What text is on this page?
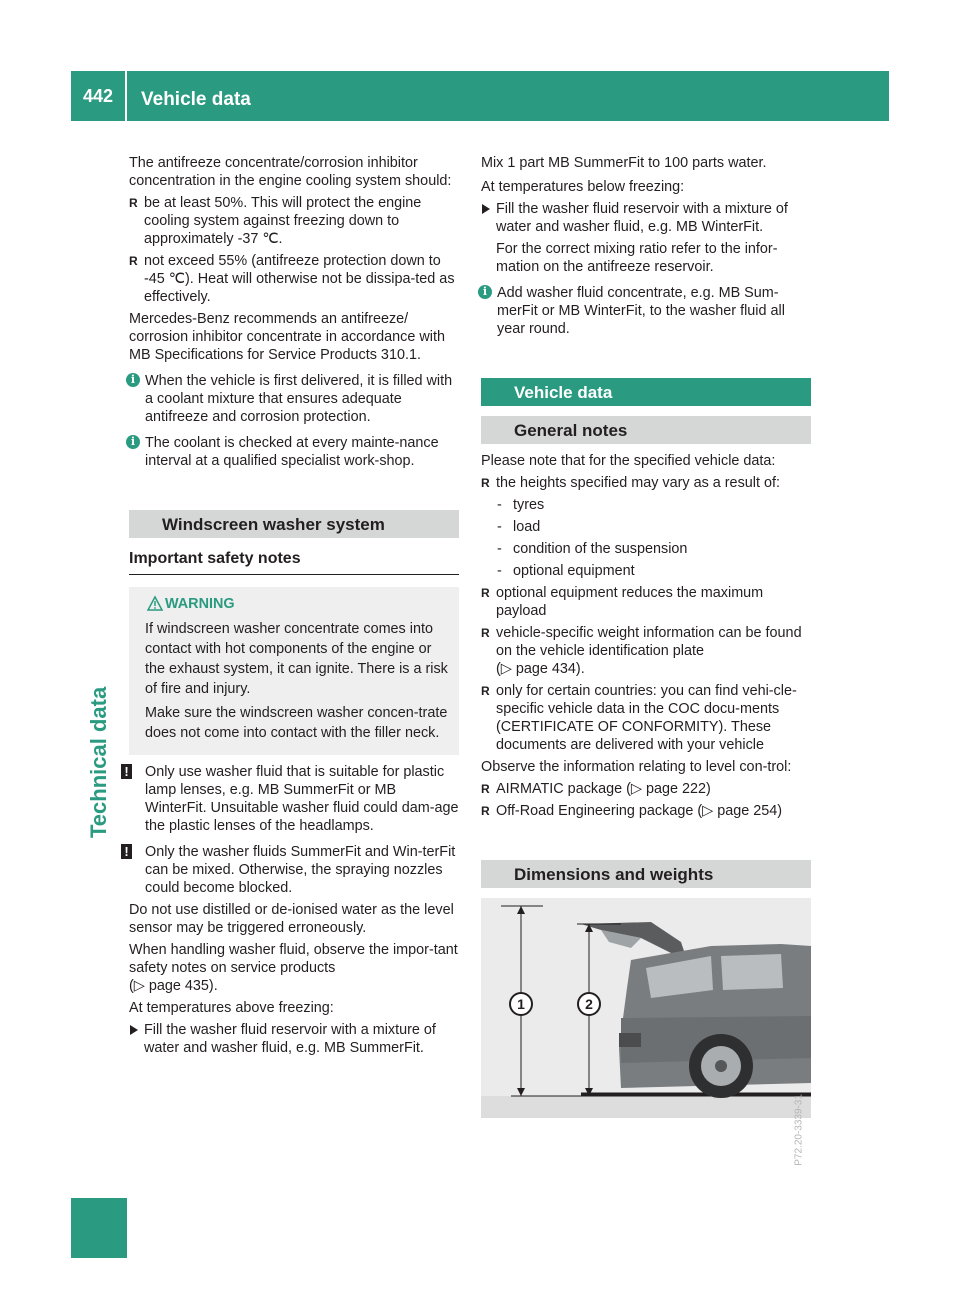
442	Vehicle data
Technical data

The antifreeze concentrate/corrosion inhibitor concentration in the engine cooling system should:

R be at least 50%. This will protect the engine cooling system against freezing down to approximately -37 ℃.
R not exceed 55% (antifreeze protection down to -45 ℃). Heat will otherwise not be dissipa-ted as effectively.

Mercedes-Benz recommends an antifreeze/ corrosion inhibitor concentrate in accordance with MB Specifications for Service Products 310.1.

i When the vehicle is first delivered, it is filled with a coolant mixture that ensures adequate antifreeze and corrosion protection.
i The coolant is checked at every mainte-nance interval at a qualified specialist work-shop.
Windscreen washer system
Important safety notes
WARNING

If windscreen washer concentrate comes into contact with hot components of the engine or the exhaust system, it can ignite. There is a risk of fire and injury.

Make sure the windscreen washer concen-trate does not come into contact with the filler neck.

! Only use washer fluid that is suitable for plastic lamp lenses, e.g. MB SummerFit or MB WinterFit. Unsuitable washer fluid could dam-age the plastic lenses of the headlamps.
! Only the washer fluids SummerFit and Win-terFit can be mixed. Otherwise, the spraying nozzles could become blocked.

Do not use distilled or de-ionised water as the level sensor may be triggered erroneously.

When handling washer fluid, observe the impor-tant safety notes on service products
(▷ page 435).

At temperatures above freezing:

Fill the washer fluid reservoir with a mixture of water and washer fluid, e.g. MB SummerFit.

Mix 1 part MB SummerFit to 100 parts water.

At temperatures below freezing:

Fill the washer fluid reservoir with a mixture of water and washer fluid, e.g. MB WinterFit.

For the correct mixing ratio refer to the infor-mation on the antifreeze reservoir.

i Add washer fluid concentrate, e.g. MB Sum-merFit or MB WinterFit, to the washer fluid all year round.
Vehicle data
General notes

Please note that for the specified vehicle data:

R the heights specified may vary as a result of:
- tyres
- load
- condition of the suspension
- optional equipment
R optional equipment reduces the maximum payload
R vehicle-specific weight information can be found on the vehicle identification plate
(▷ page 434).
R only for certain countries: you can find vehi-cle-specific vehicle data in the COC docu-ments (CERTIFICATE OF CONFORMITY). These documents are delivered with your vehicle

Observe the information relating to level con-trol:

R AIRMATIC package (▷ page 222)
R Off-Road Engineering package (▷ page 254)
Dimensions and weights
1	2
P72.20-3339-31
